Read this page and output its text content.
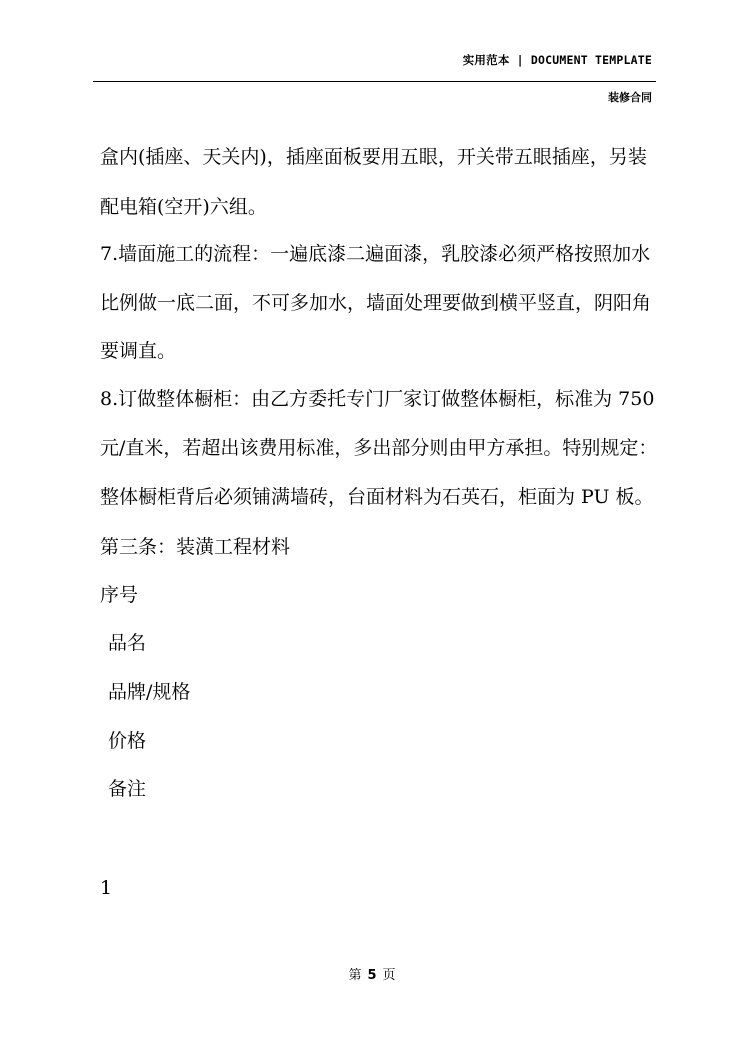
实用范本 | DOCUMENT TEMPLATE
装修合同
盒内(插座、天关内)，插座面板要用五眼，开关带五眼插座，另装
配电箱(空开)六组。
7.墙面施工的流程：一遍底漆二遍面漆，乳胶漆必须严格按照加水
比例做一底二面，不可多加水，墙面处理要做到横平竖直，阴阳角
要调直。
8.订做整体橱柜：由乙方委托专门厂家订做整体橱柜，标准为 750
元/直米，若超出该费用标准，多出部分则由甲方承担。特别规定：
整体橱柜背后必须铺满墙砖，台面材料为石英石，柜面为 PU 板。
第三条：装潢工程材料
序号
品名
品牌/规格
价格
备注
1
第 5 页
